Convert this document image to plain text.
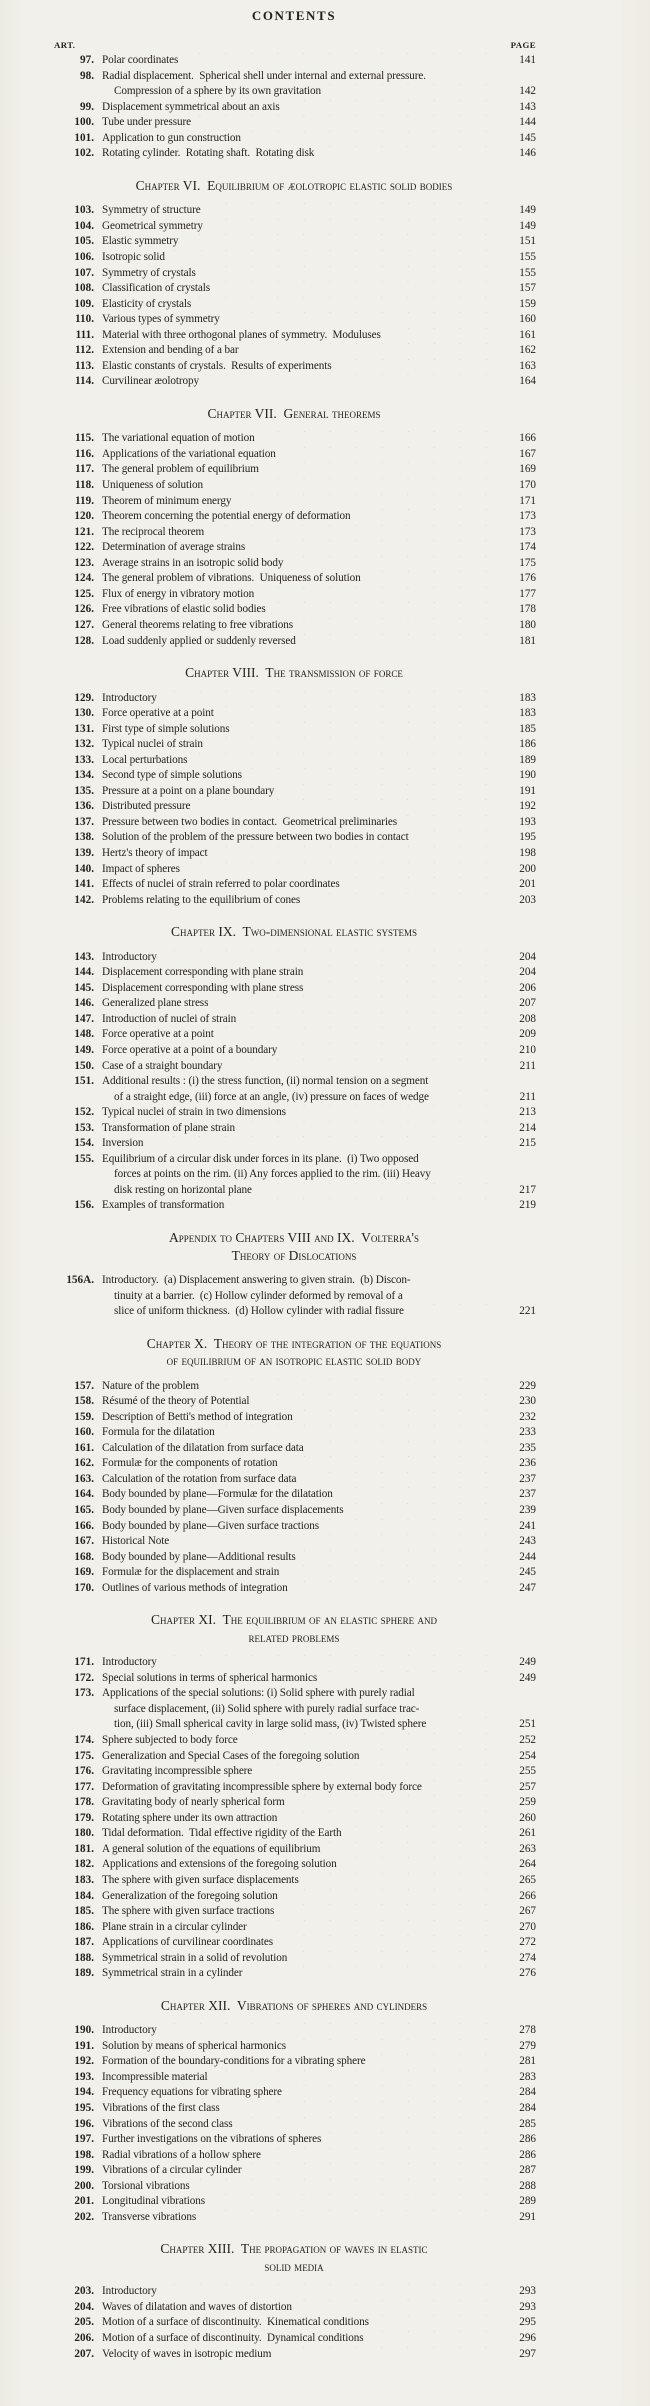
CONTENTS
ART.	PAGE
97. Polar coordinates	141
98. Radial displacement.  Spherical shell under internal and external pressure.
Compression of a sphere by its own gravitation	142
99. Displacement symmetrical about an axis	143
100. Tube under pressure	144
101. Application to gun construction	145
102. Rotating cylinder.  Rotating shaft.  Rotating disk	146
Chapter VI.  Equilibrium of æolotropic elastic solid bodies
103. Symmetry of structure	149
104. Geometrical symmetry	149
105. Elastic symmetry	151
106. Isotropic solid	155
107. Symmetry of crystals	155
108. Classification of crystals	157
109. Elasticity of crystals	159
110. Various types of symmetry	160
111. Material with three orthogonal planes of symmetry.  Moduluses	161
112. Extension and bending of a bar	162
113. Elastic constants of crystals.  Results of experiments	163
114. Curvilinear æolotropy	164
Chapter VII.  General theorems
115. The variational equation of motion	166
116. Applications of the variational equation	167
117. The general problem of equilibrium	169
118. Uniqueness of solution	170
119. Theorem of minimum energy	171
120. Theorem concerning the potential energy of deformation	173
121. The reciprocal theorem	173
122. Determination of average strains	174
123. Average strains in an isotropic solid body	175
124. The general problem of vibrations.  Uniqueness of solution	176
125. Flux of energy in vibratory motion	177
126. Free vibrations of elastic solid bodies	178
127. General theorems relating to free vibrations	180
128. Load suddenly applied or suddenly reversed	181
Chapter VIII.  The transmission of force
129. Introductory	183
130. Force operative at a point	183
131. First type of simple solutions	185
132. Typical nuclei of strain	186
133. Local perturbations	189
134. Second type of simple solutions	190
135. Pressure at a point on a plane boundary	191
136. Distributed pressure	192
137. Pressure between two bodies in contact.  Geometrical preliminaries	193
138. Solution of the problem of the pressure between two bodies in contact	195
139. Hertz's theory of impact	198
140. Impact of spheres	200
141. Effects of nuclei of strain referred to polar coordinates	201
142. Problems relating to the equilibrium of cones	203
Chapter IX.  Two-dimensional elastic systems
143. Introductory	204
144. Displacement corresponding with plane strain	204
145. Displacement corresponding with plane stress	206
146. Generalized plane stress	207
147. Introduction of nuclei of strain	208
148. Force operative at a point	209
149. Force operative at a point of a boundary	210
150. Case of a straight boundary	211
151. Additional results : (i) the stress function, (ii) normal tension on a segment
of a straight edge, (iii) force at an angle, (iv) pressure on faces of wedge	211
152. Typical nuclei of strain in two dimensions	213
153. Transformation of plane strain	214
154. Inversion	215
155. Equilibrium of a circular disk under forces in its plane.  (i) Two opposed
forces at points on the rim. (ii) Any forces applied to the rim. (iii) Heavy
disk resting on horizontal plane	217
156. Examples of transformation	219
Appendix to Chapters VIII and IX.  Volterra's
Theory of Dislocations
156A. Introductory.  (a) Displacement answering to given strain.  (b) Discon-
tinuity at a barrier.  (c) Hollow cylinder deformed by removal of a
slice of uniform thickness.  (d) Hollow cylinder with radial fissure	221
Chapter X.  Theory of the integration of the equations
of equilibrium of an isotropic elastic solid body
157. Nature of the problem	229
158. Résumé of the theory of Potential	230
159. Description of Betti's method of integration	232
160. Formula for the dilatation	233
161. Calculation of the dilatation from surface data	235
162. Formulæ for the components of rotation	236
163. Calculation of the rotation from surface data	237
164. Body bounded by plane—Formulæ for the dilatation	237
165. Body bounded by plane—Given surface displacements	239
166. Body bounded by plane—Given surface tractions	241
167. Historical Note	243
168. Body bounded by plane—Additional results	244
169. Formulæ for the displacement and strain	245
170. Outlines of various methods of integration	247
Chapter XI.  The equilibrium of an elastic sphere and
related problems
171. Introductory	249
172. Special solutions in terms of spherical harmonics	249
173. Applications of the special solutions: (i) Solid sphere with purely radial
surface displacement, (ii) Solid sphere with purely radial surface trac-
tion, (iii) Small spherical cavity in large solid mass, (iv) Twisted sphere	251
174. Sphere subjected to body force	252
175. Generalization and Special Cases of the foregoing solution	254
176. Gravitating incompressible sphere	255
177. Deformation of gravitating incompressible sphere by external body force	257
178. Gravitating body of nearly spherical form	259
179. Rotating sphere under its own attraction	260
180. Tidal deformation.  Tidal effective rigidity of the Earth	261
181. A general solution of the equations of equilibrium	263
182. Applications and extensions of the foregoing solution	264
183. The sphere with given surface displacements	265
184. Generalization of the foregoing solution	266
185. The sphere with given surface tractions	267
186. Plane strain in a circular cylinder	270
187. Applications of curvilinear coordinates	272
188. Symmetrical strain in a solid of revolution	274
189. Symmetrical strain in a cylinder	276
Chapter XII.  Vibrations of spheres and cylinders
190. Introductory	278
191. Solution by means of spherical harmonics	279
192. Formation of the boundary-conditions for a vibrating sphere	281
193. Incompressible material	283
194. Frequency equations for vibrating sphere	284
195. Vibrations of the first class	284
196. Vibrations of the second class	285
197. Further investigations on the vibrations of spheres	286
198. Radial vibrations of a hollow sphere	286
199. Vibrations of a circular cylinder	287
200. Torsional vibrations	288
201. Longitudinal vibrations	289
202. Transverse vibrations	291
Chapter XIII.  The propagation of waves in elastic
solid media
203. Introductory	293
204. Waves of dilatation and waves of distortion	293
205. Motion of a surface of discontinuity.  Kinematical conditions	295
206. Motion of a surface of discontinuity.  Dynamical conditions	296
207. Velocity of waves in isotropic medium	297
